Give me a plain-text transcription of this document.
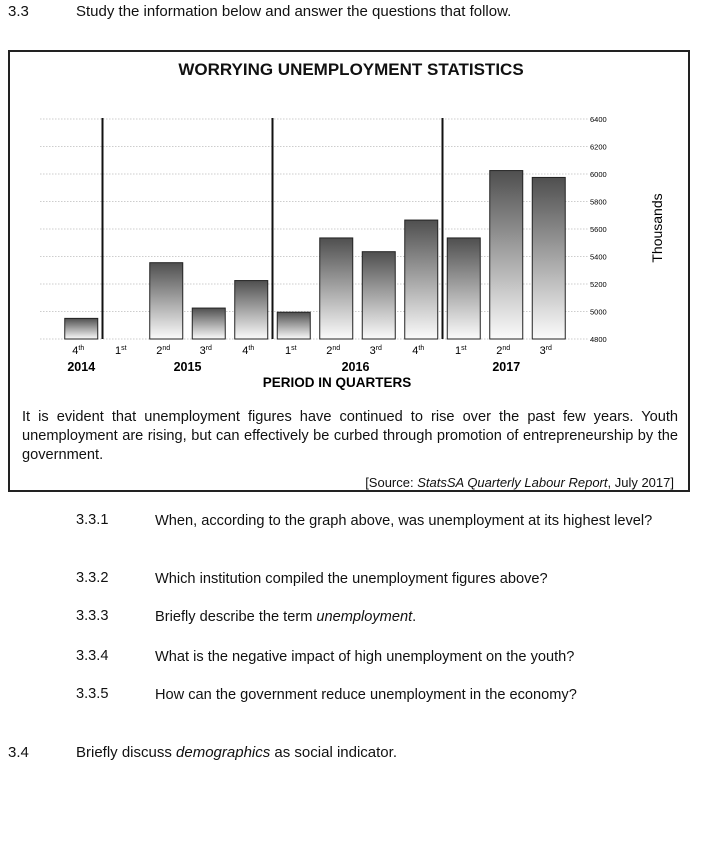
3.3	Study the information below and answer the questions that follow.
WORRYING UNEMPLOYMENT STATISTICS
6400
6200
6000
5800
5600
5400
5200
5000
4800
4th	1st	2nd	3rd	4th	1st	2nd	3rd	4th	1st	2nd	3rd
2014	2015	2016	2017
PERIOD IN QUARTERS
Thousands
It is evident that unemployment figures have continued to rise over the past few years. Youth unemployment are rising, but can effectively be curbed through promotion of entrepreneurship by the government.
[Source: StatsSA Quarterly Labour Report, July 2017]
3.3.1	When, according to the graph above, was unemployment at its highest level?
3.3.2	Which institution compiled the unemployment figures above?
3.3.3	Briefly describe the term unemployment.
3.3.4	What is the negative impact of high unemployment on the youth?
3.3.5	How can the government reduce unemployment in the economy?
3.4	Briefly discuss demographics as social indicator.
